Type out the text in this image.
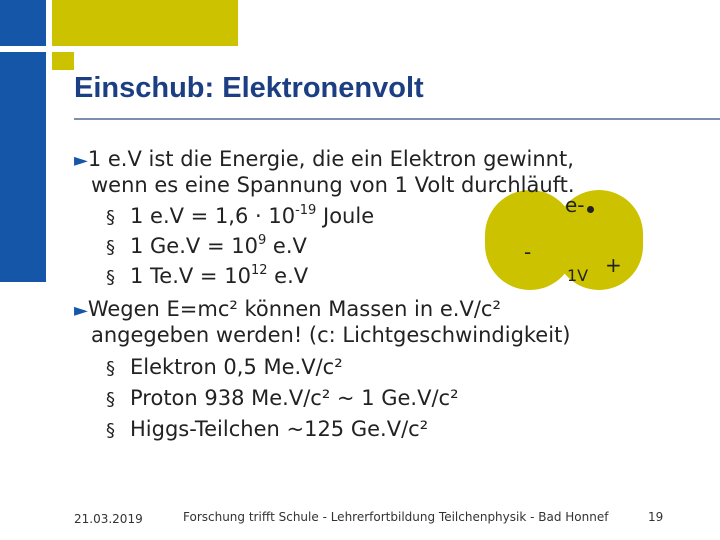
Einschub: Elektronenvolt
e-
-
+
1V
►1 e.V ist die Energie, die ein Elektron gewinnt,
wenn es eine Spannung von 1 Volt durchläuft.
§ 1 $e.V = 1,6 \cdot 10^{-19}$ Joule
§ 1 $Ge.V = 10^9$ e.V
§ 1 $Te.V = 10^{12}$ e.V
►Wegen E=mc² können Massen in e.V/c²
angegeben werden! (c: Lichtgeschwindigkeit)
§ Elektron 0,5 Me.V/c²
§ Proton 938 Me.V/c² ~ 1 Ge.V/c²
§ Higgs-Teilchen ~125 Ge.V/c²
21.03.2019	Forschung trifft Schule - Lehrerfortbildung Teilchenphysik - Bad Honnef	19
